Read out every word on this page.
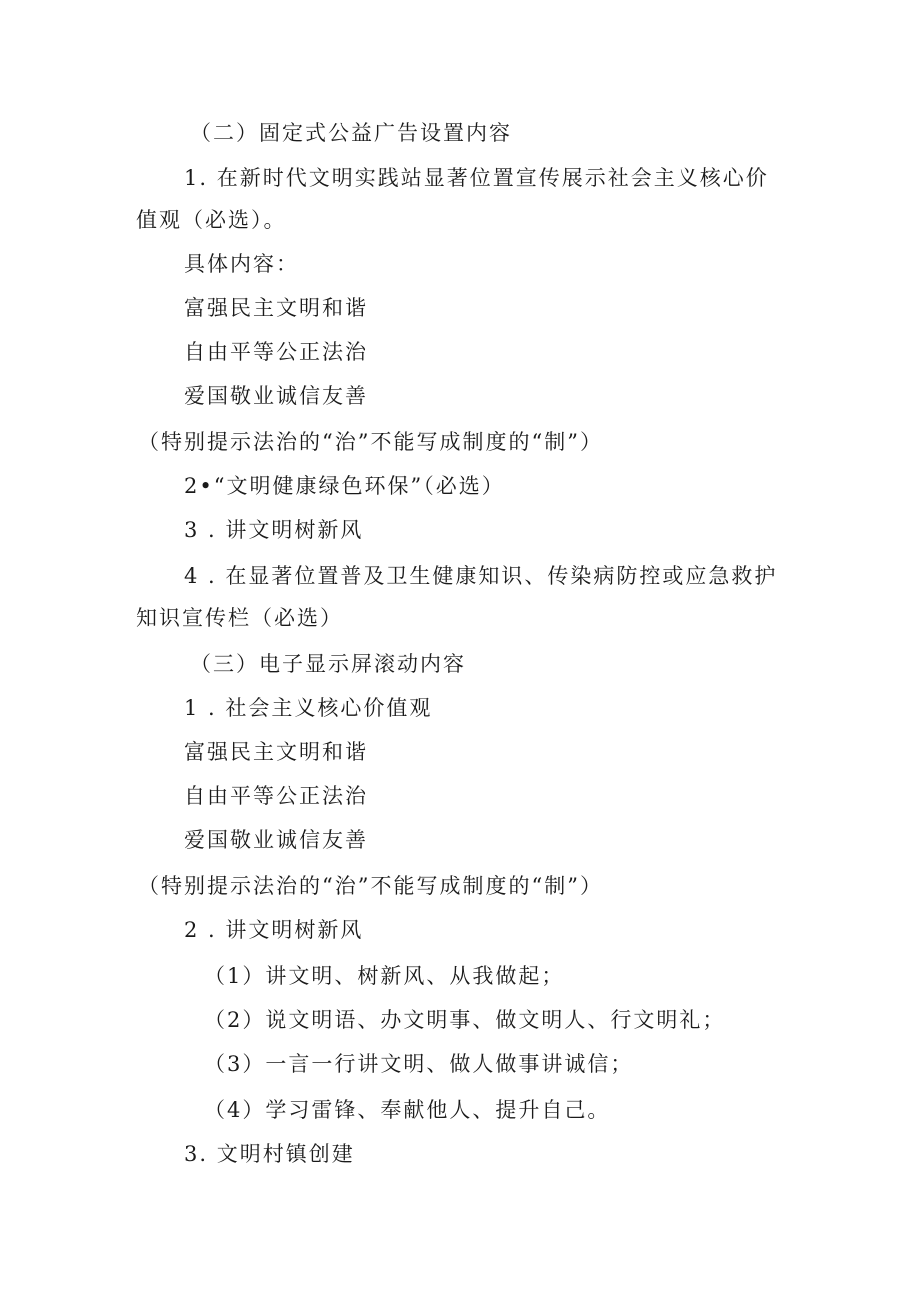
（二）固定式公益广告设置内容
1. 在新时代文明实践站显著位置宣传展示社会主义核心价
值观（必选）。
具体内容：
富强民主文明和谐
自由平等公正法治
爱国敬业诚信友善
（特别提示法治的“治”不能写成制度的“制”）
2•“文明健康绿色环保”（必选）
3 . 讲文明树新风
4 . 在显著位置普及卫生健康知识、传染病防控或应急救护
知识宣传栏（必选）
（三）电子显示屏滚动内容
1 . 社会主义核心价值观
富强民主文明和谐
自由平等公正法治
爱国敬业诚信友善
（特别提示法治的“治”不能写成制度的“制”）
2 . 讲文明树新风
（1）讲文明、树新风、从我做起；
（2）说文明语、办文明事、做文明人、行文明礼；
（3）一言一行讲文明、做人做事讲诚信；
（4）学习雷锋、奉献他人、提升自己。
3. 文明村镇创建
